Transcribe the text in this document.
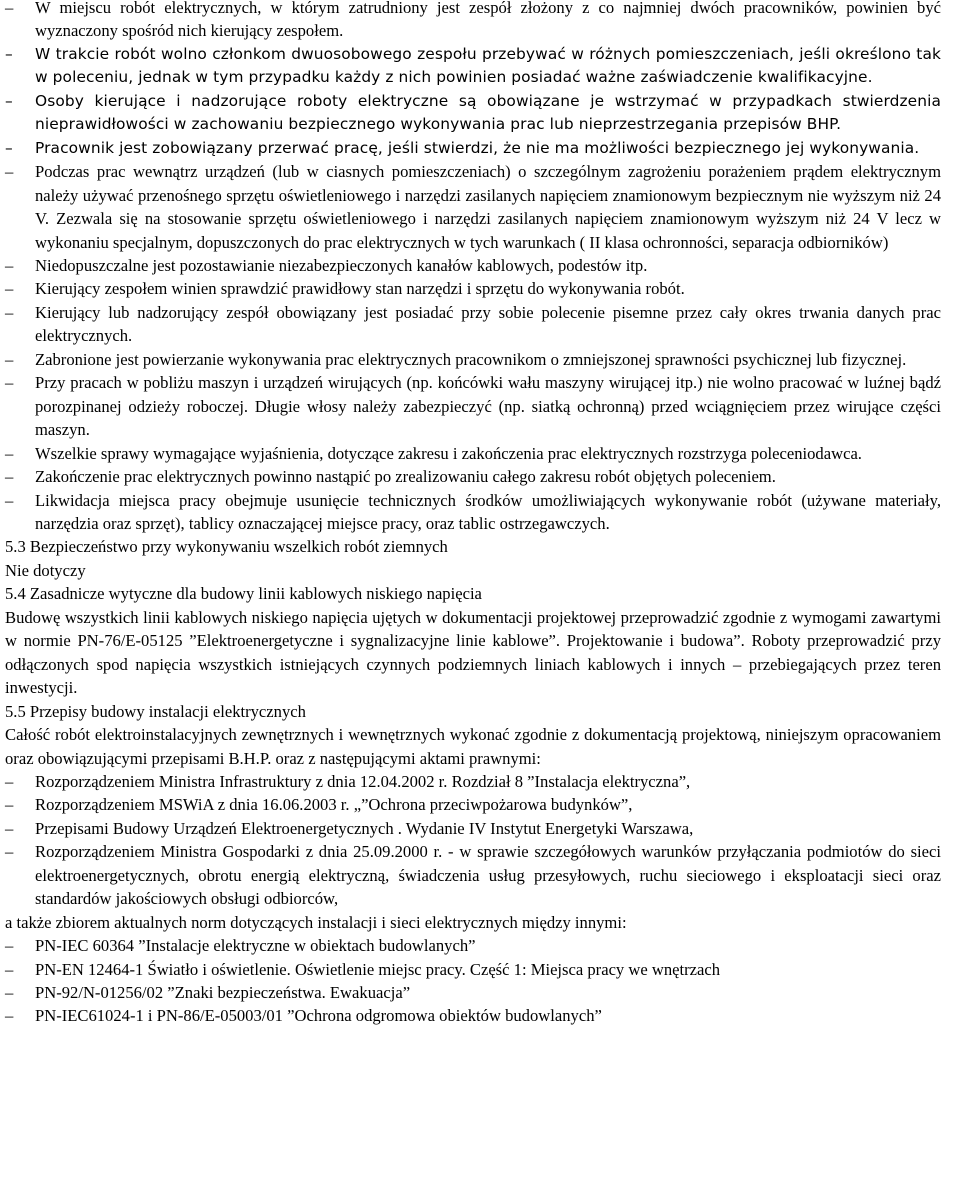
–	W miejscu robót elektrycznych, w którym zatrudniony jest zespół złożony z co najmniej dwóch pracowników, powinien być wyznaczony spośród nich kierujący zespołem.
–	W trakcie robót wolno członkom dwuosobowego zespołu przebywać w różnych pomieszczeniach, jeśli określono tak w poleceniu, jednak w tym przypadku każdy z nich powinien posiadać ważne zaświadczenie kwalifikacyjne.
–	Osoby kierujące i nadzorujące roboty elektryczne są obowiązane je wstrzymać w przypadkach stwierdzenia nieprawidłowości w zachowaniu bezpiecznego wykonywania prac lub nieprzestrzegania przepisów BHP.
–	Pracownik jest zobowiązany przerwać pracę, jeśli stwierdzi, że nie ma możliwości bezpiecznego jej wykonywania.
–	Podczas prac wewnątrz urządzeń (lub w ciasnych pomieszczeniach) o szczególnym zagrożeniu porażeniem prądem elektrycznym należy używać przenośnego sprzętu oświetleniowego i narzędzi zasilanych napięciem znamionowym bezpiecznym nie wyższym niż 24 V. Zezwala się na stosowanie sprzętu oświetleniowego i narzędzi zasilanych napięciem znamionowym wyższym niż 24 V lecz w wykonaniu specjalnym, dopuszczonych do prac elektrycznych w tych warunkach ( II klasa ochronności, separacja odbiorników)
–	Niedopuszczalne jest pozostawianie niezabezpieczonych kanałów kablowych, podestów itp.
–	Kierujący zespołem winien sprawdzić prawidłowy stan narzędzi i sprzętu do wykonywania robót.
–	Kierujący lub nadzorujący zespół obowiązany jest posiadać przy sobie polecenie pisemne przez cały okres trwania danych prac elektrycznych.
–	Zabronione jest powierzanie wykonywania prac elektrycznych pracownikom o zmniejszonej sprawności psychicznej lub fizycznej.
–	Przy pracach w pobliżu maszyn i urządzeń wirujących (np. końcówki wału maszyny wirującej itp.) nie wolno pracować w luźnej bądź porozpinanej odzieży roboczej. Długie włosy należy zabezpieczyć (np. siatką ochronną) przed wciągnięciem przez wirujące części maszyn.
–	Wszelkie sprawy wymagające wyjaśnienia, dotyczące zakresu i zakończenia prac elektrycznych rozstrzyga poleceniodawca.
–	Zakończenie prac elektrycznych powinno nastąpić po zrealizowaniu całego zakresu robót objętych poleceniem.
–	Likwidacja miejsca pracy obejmuje usunięcie technicznych środków umożliwiających wykonywanie robót (używane materiały, narzędzia oraz sprzęt), tablicy oznaczającej miejsce pracy, oraz tablic ostrzegawczych.
5.3 Bezpieczeństwo przy wykonywaniu wszelkich robót ziemnych
Nie dotyczy
5.4 Zasadnicze wytyczne dla budowy linii kablowych niskiego napięcia
Budowę wszystkich linii kablowych niskiego napięcia ujętych w dokumentacji projektowej przeprowadzić zgodnie z wymogami zawartymi w normie PN-76/E-05125 ”Elektroenergetyczne i sygnalizacyjne linie kablowe”. Projektowanie i budowa”. Roboty przeprowadzić przy odłączonych spod napięcia wszystkich istniejących czynnych podziemnych liniach kablowych i innych – przebiegających przez teren inwestycji.
5.5 Przepisy budowy instalacji elektrycznych
Całość robót elektroinstalacyjnych zewnętrznych i wewnętrznych wykonać zgodnie z dokumentacją projektową, niniejszym opracowaniem oraz obowiązującymi przepisami B.H.P. oraz z następującymi aktami prawnymi:
–	Rozporządzeniem Ministra Infrastruktury z dnia 12.04.2002 r. Rozdział 8 ”Instalacja elektryczna”,
–	Rozporządzeniem MSWiA z dnia 16.06.2003 r. „”Ochrona przeciwpożarowa budynków”,
–	Przepisami Budowy Urządzeń Elektroenergetycznych . Wydanie IV Instytut Energetyki Warszawa,
–	Rozporządzeniem Ministra Gospodarki z dnia 25.09.2000 r. - w sprawie szczegółowych warunków przyłączania podmiotów do sieci elektroenergetycznych, obrotu energią elektryczną, świadczenia usług przesyłowych, ruchu sieciowego i eksploatacji sieci oraz standardów jakościowych obsługi odbiorców,
a także zbiorem aktualnych norm dotyczących instalacji i sieci elektrycznych między innymi:
–	PN-IEC 60364 ”Instalacje elektryczne w obiektach budowlanych”
–	PN-EN 12464-1 Światło i oświetlenie. Oświetlenie miejsc pracy. Część 1: Miejsca pracy we wnętrzach
–	PN-92/N-01256/02 ”Znaki bezpieczeństwa. Ewakuacja”
–	PN-IEC61024-1 i PN-86/E-05003/01 ”Ochrona odgromowa obiektów budowlanych”
